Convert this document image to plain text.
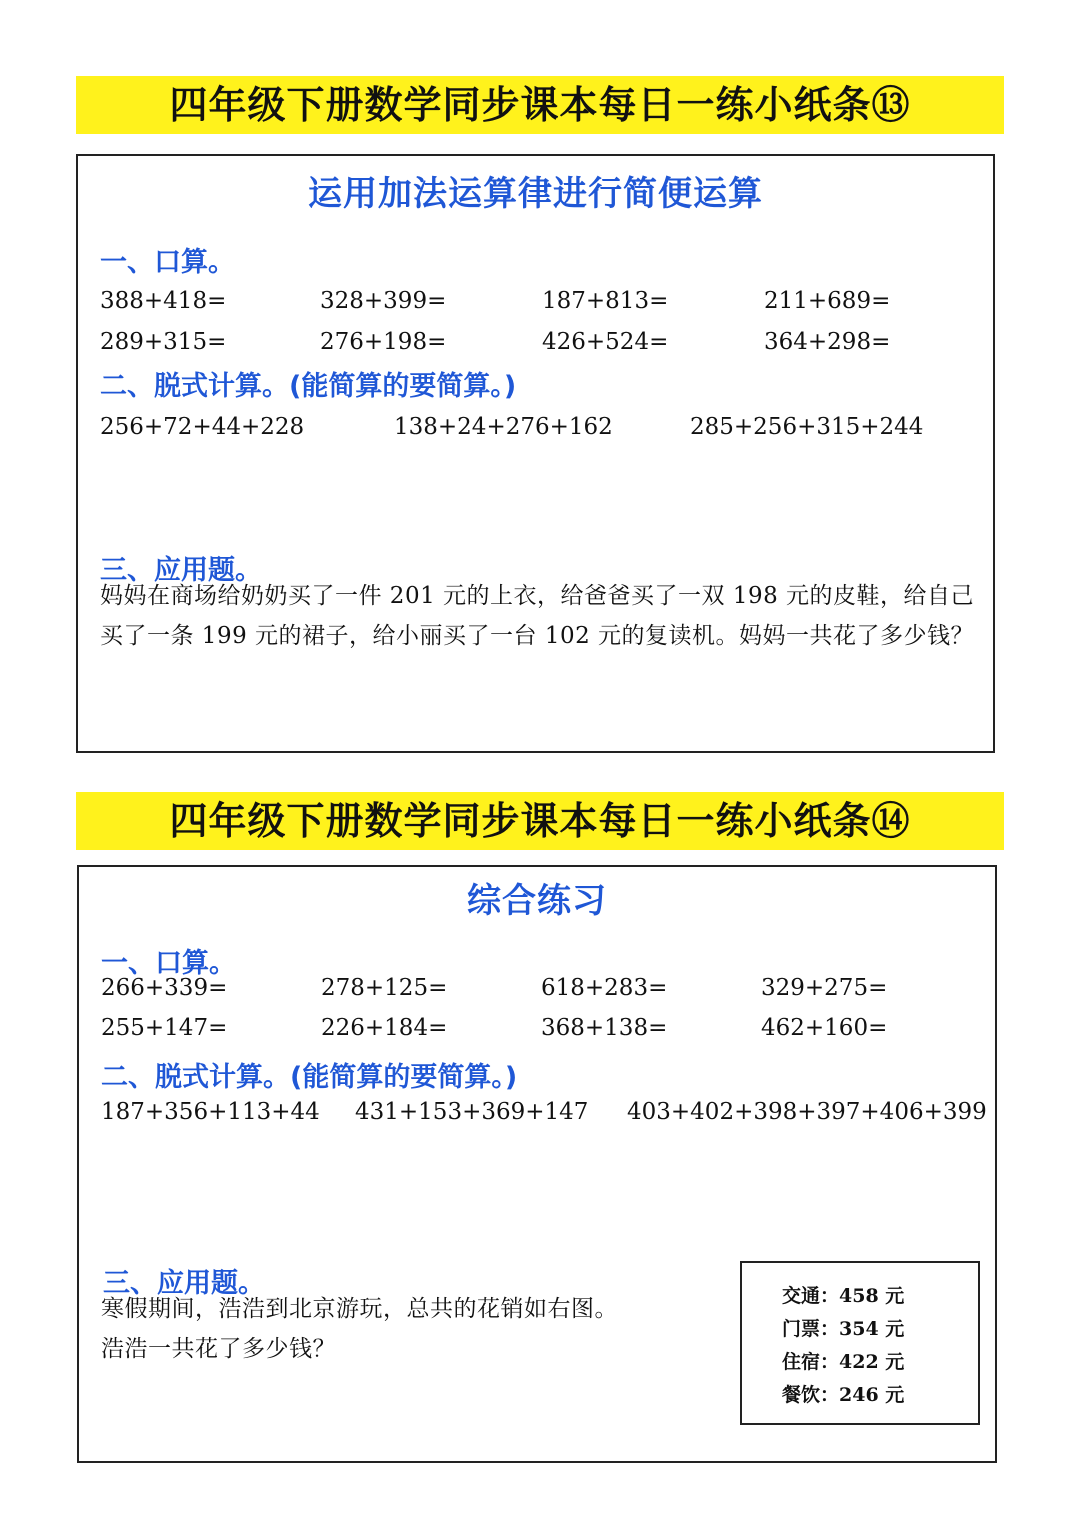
四年级下册数学同步课本每日一练小纸条⑬
运用加法运算律进行简便运算
一、口算。
388+418=	328+399=	187+813=	211+689=
289+315=	276+198=	426+524=	364+298=
二、脱式计算。(能简算的要简算。)
256+72+44+228	138+24+276+162	285+256+315+244
三、应用题。
妈妈在商场给奶奶买了一件 201 元的上衣，给爸爸买了一双 198 元的皮鞋，给自己买了一条 199 元的裙子，给小丽买了一台 102 元的复读机。妈妈一共花了多少钱？
四年级下册数学同步课本每日一练小纸条⑭
综合练习
一、口算。
266+339=	278+125=	618+283=	329+275=
255+147=	226+184=	368+138=	462+160=
二、脱式计算。(能简算的要简算。)
187+356+113+44 431+153+369+147 403+402+398+397+406+399
三、应用题。
寒假期间，浩浩到北京游玩，总共的花销如右图。
浩浩一共花了多少钱？
交通：458 元
门票：354 元
住宿：422 元
餐饮：246 元
